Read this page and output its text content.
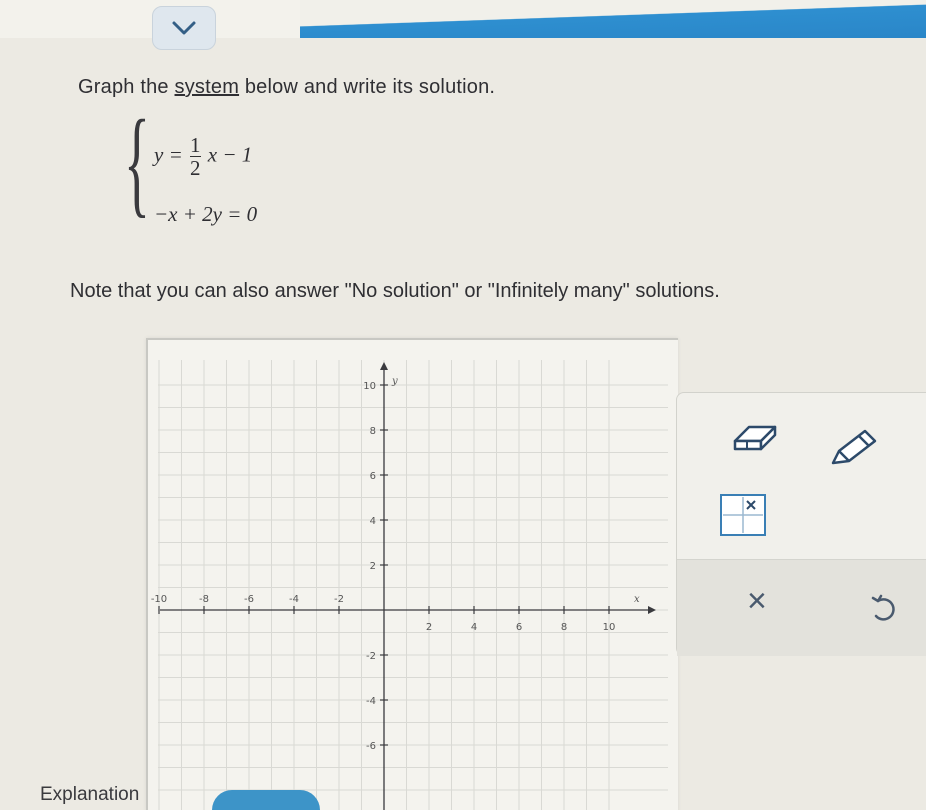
Graph the system below and write its solution.
{ $y = \frac{1}{2}$ x − 1
−x + 2y = 0
Note that you can also answer "No solution" or "Infinitely many" solutions.
-10	-8	-6	-4	-2
2	4	6	8	10
10
8
6
4
2
-2
-4
-6
x
y
×
Explanation
